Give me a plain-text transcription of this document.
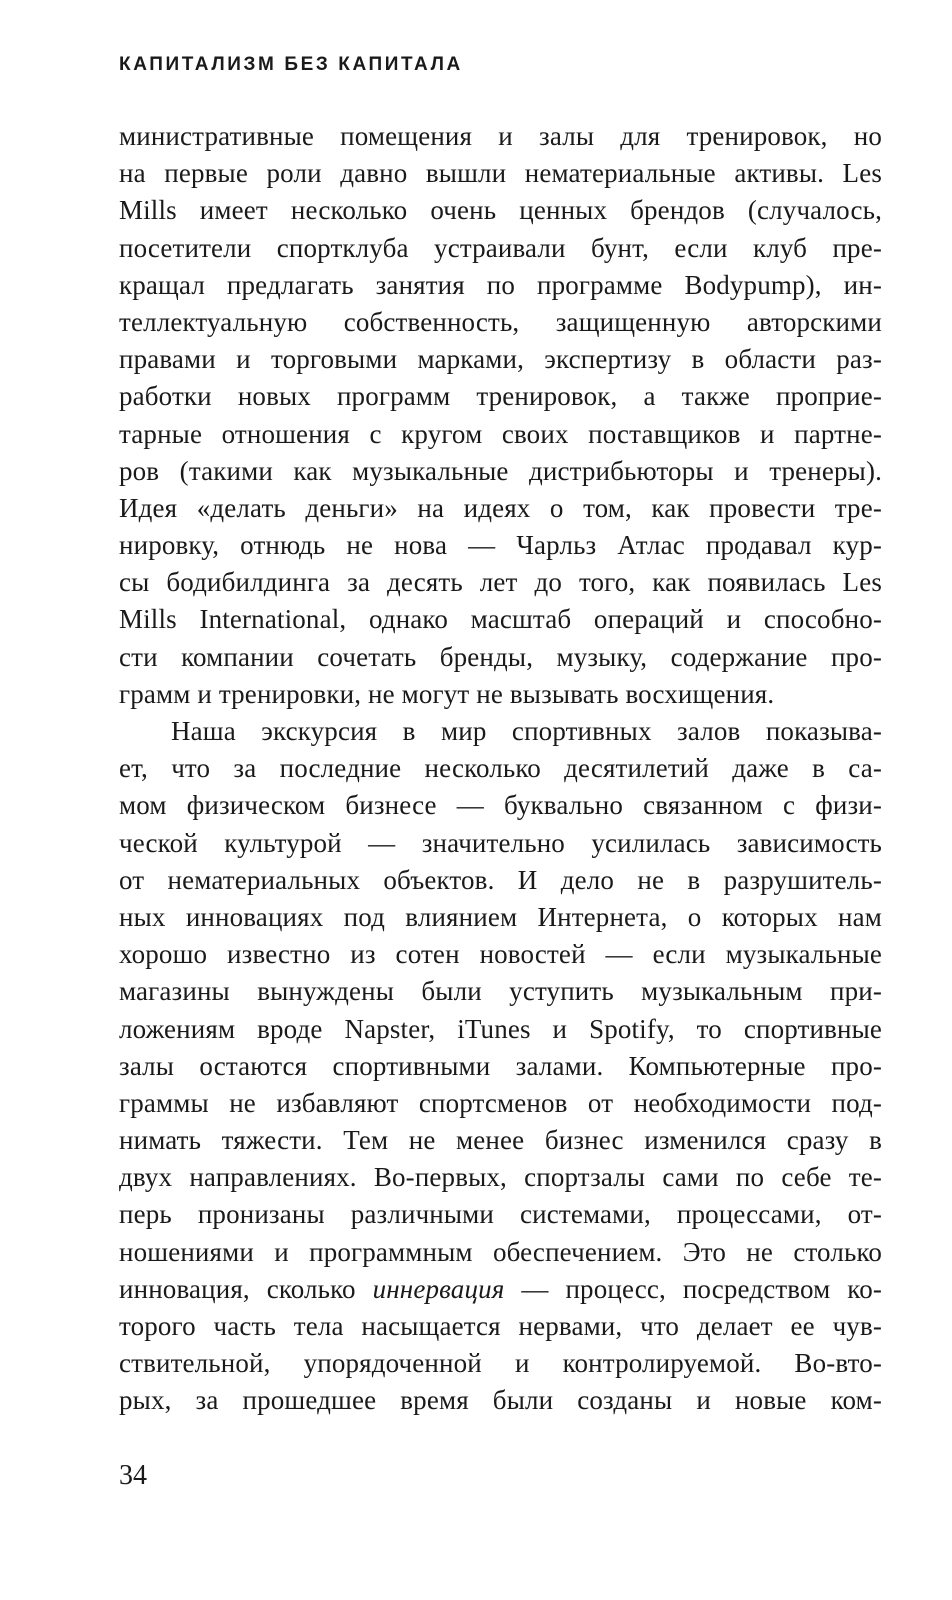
КАПИТАЛИЗМ БЕЗ КАПИТАЛА
министративные помещения и залы для тренировок, но
на первые роли давно вышли нематериальные активы. Les
Mills имеет несколько очень ценных брендов (случалось,
посетители спортклуба устраивали бунт, если клуб пре-
кращал предлагать занятия по программе Bodypump), ин-
теллектуальную собственность, защищенную авторскими
правами и торговыми марками, экспертизу в области раз-
работки новых программ тренировок, а также проприе-
тарные отношения с кругом своих поставщиков и партне-
ров (такими как музыкальные дистрибьюторы и тренеры).
Идея «делать деньги» на идеях о том, как провести тре-
нировку, отнюдь не нова — Чарльз Атлас продавал кур-
сы бодибилдинга за десять лет до того, как появилась Les
Mills International, однако масштаб операций и способно-
сти компании сочетать бренды, музыку, содержание про-
грамм и тренировки, не могут не вызывать восхищения.
Наша экскурсия в мир спортивных залов показыва-
ет, что за последние несколько десятилетий даже в са-
мом физическом бизнесе — буквально связанном с физи-
ческой культурой — значительно усилилась зависимость
от нематериальных объектов. И дело не в разрушитель-
ных инновациях под влиянием Интернета, о которых нам
хорошо известно из сотен новостей — если музыкальные
магазины вынуждены были уступить музыкальным при-
ложениям вроде Napster, iTunes и Spotify, то спортивные
залы остаются спортивными залами. Компьютерные про-
граммы не избавляют спортсменов от необходимости под-
нимать тяжести. Тем не менее бизнес изменился сразу в
двух направлениях. Во-первых, спортзалы сами по себе те-
перь пронизаны различными системами, процессами, от-
ношениями и программным обеспечением. Это не столько
инновация, сколько иннервация — процесс, посредством ко-
торого часть тела насыщается нервами, что делает ее чув-
ствительной, упорядоченной и контролируемой. Во-вто-
рых, за прошедшее время были созданы и новые ком-
34
